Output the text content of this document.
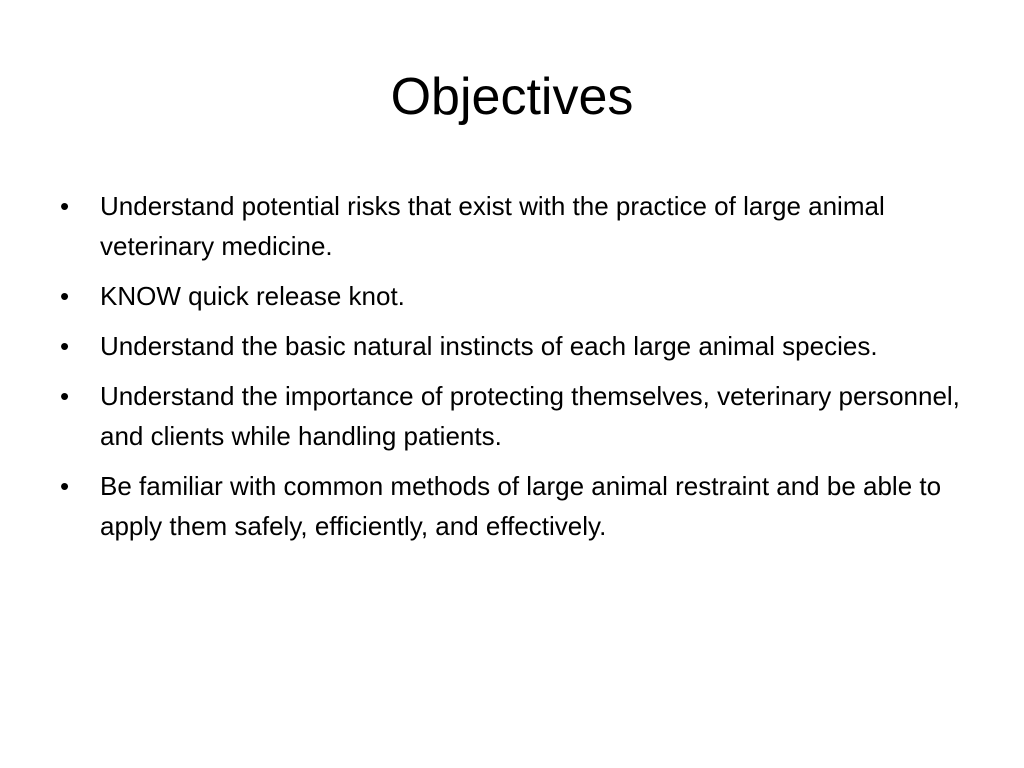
Objectives
•	Understand potential risks that exist with the practice of large animal veterinary medicine.
•	KNOW quick release knot.
•	Understand the basic natural instincts of each large animal species.
•	Understand the importance of protecting themselves, veterinary personnel, and clients while handling patients.
•	Be familiar with common methods of large animal restraint and be able to apply them safely, efficiently, and effectively.
